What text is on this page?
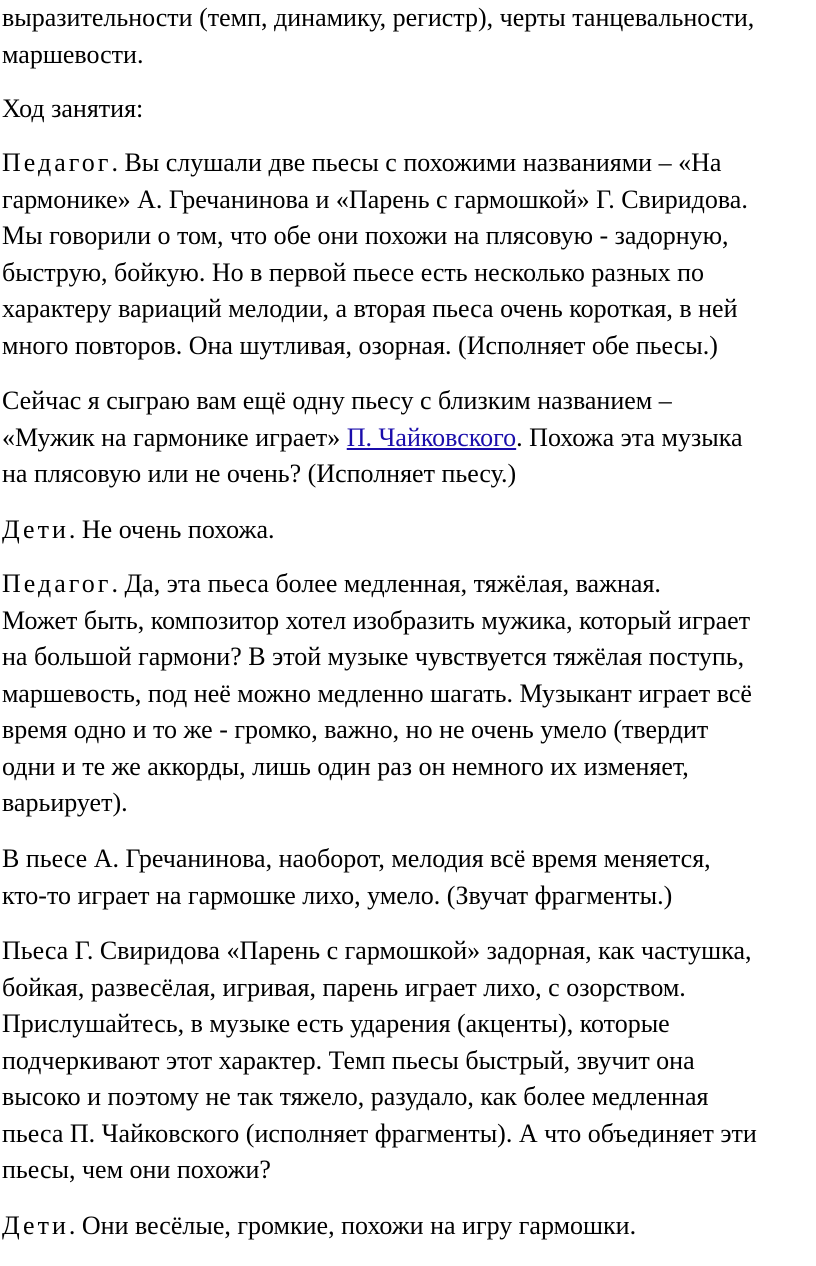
выразительности (темп, динамику, регистр), черты танцевальности,
маршевости.
Ход занятия:
Педагог. Вы слушали две пьесы с похожими названиями – «На
гармонике» А. Гречанинова и «Парень с гармошкой» Г. Свиридова.
Мы говорили о том, что обе они похожи на плясовую - задорную,
быструю, бойкую. Но в первой пьесе есть несколько разных по
характеру вариаций мелодии, а вторая пьеса очень короткая, в ней
много повторов. Она шутливая, озорная. (Исполняет обе пьесы.)
Сейчас я сыграю вам ещё одну пьесу с близким названием –
«Мужик на гармонике играет» П. Чайковского. Похожа эта музыка
на плясовую или не очень? (Исполняет пьесу.)
Дети. Не очень похожа.
Педагог. Да, эта пьеса более медленная, тяжёлая, важная.
Может быть, композитор хотел изобразить мужика, который играет
на большой гармони? В этой музыке чувствуется тяжёлая поступь,
маршевость, под неё можно медленно шагать. Музыкант играет всё
время одно и то же - громко, важно, но не очень умело (твердит
одни и те же аккорды, лишь один раз он немного их изменяет,
варьирует).
В пьесе А. Гречанинова, наоборот, мелодия всё время меняется,
кто-то играет на гармошке лихо, умело. (Звучат фрагменты.)
Пьеса Г. Свиридова «Парень с гармошкой» задорная, как частушка,
бойкая, развесёлая, игривая, парень играет лихо, с озорством.
Прислушайтесь, в музыке есть ударения (акценты), которые
подчеркивают этот характер. Темп пьесы быстрый, звучит она
высоко и поэтому не так тяжело, разудало, как более медленная
пьеса П. Чайковского (исполняет фрагменты). А что объединяет эти
пьесы, чем они похожи?
Дети. Они весёлые, громкие, похожи на игру гармошки.
